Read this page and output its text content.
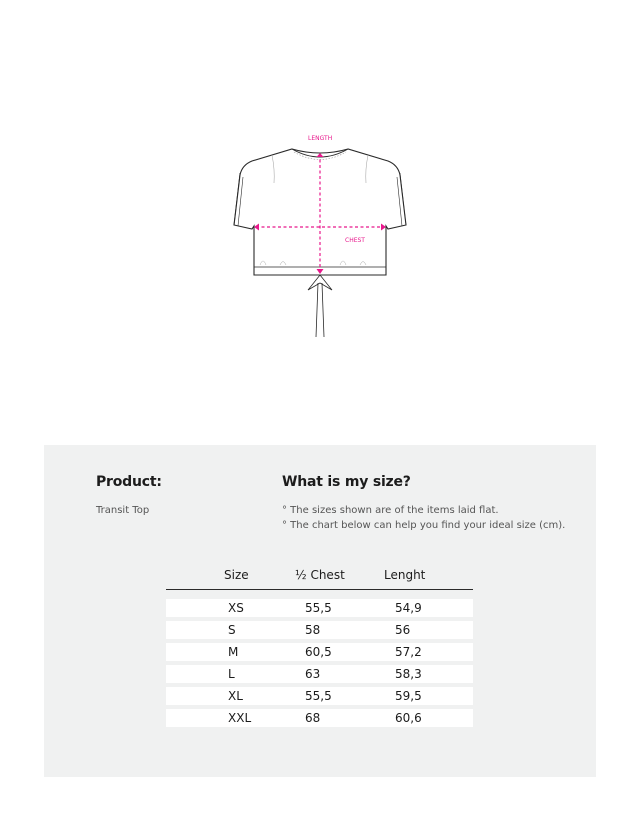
LENGTH
CHEST
Product:
Transit Top
What is my size?
° The sizes shown are of the items laid flat.
° The chart below can help you find your ideal size (cm).
Size	½ Chest	Lenght
XS	55,5	54,9
S	58	56
M	60,5	57,2
L	63	58,3
XL	55,5	59,5
XXL	68	60,6
